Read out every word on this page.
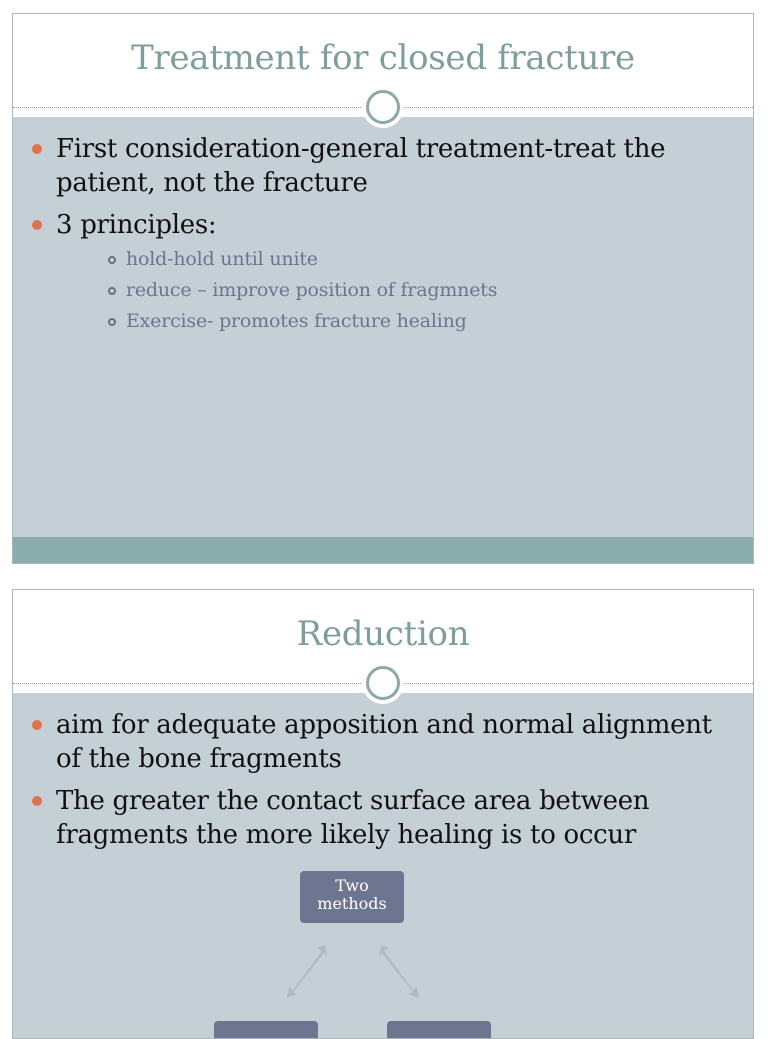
Treatment for closed fracture
First consideration-general treatment-treat the patient, not the fracture
3 principles:
hold-hold until unite
reduce – improve position of fragmnets
Exercise- promotes fracture healing
Reduction
aim for adequate apposition and normal alignment of the bone fragments
The greater the contact surface area between fragments the more likely healing is to occur
Two methods
